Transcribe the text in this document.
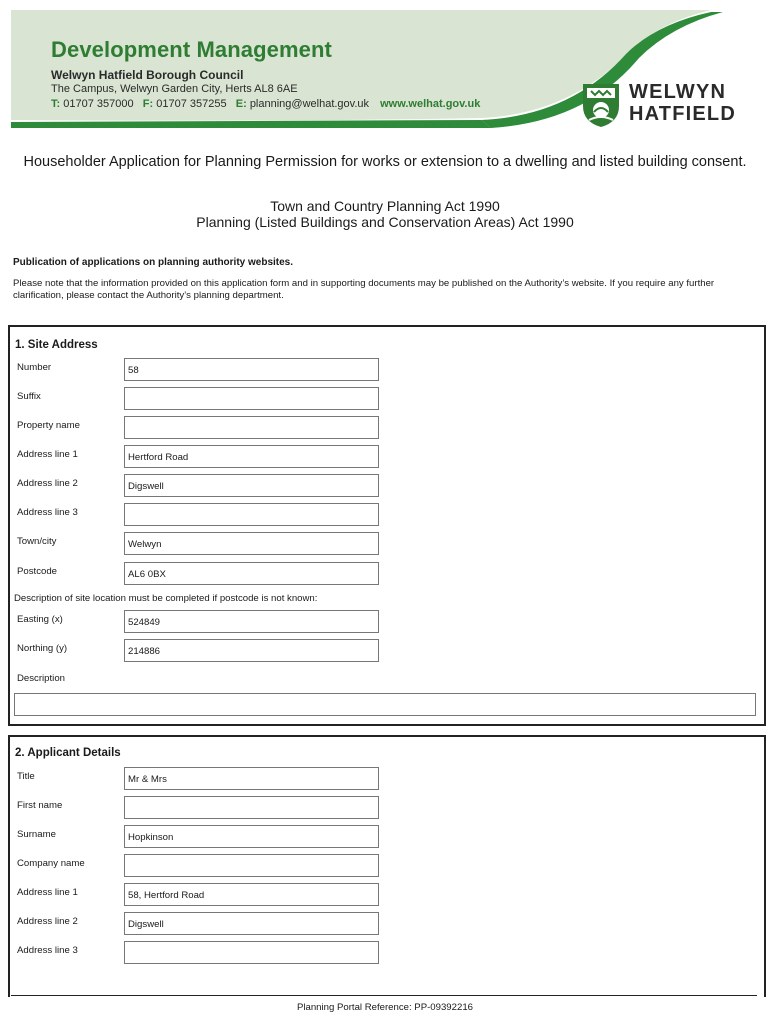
Development Management
Welwyn Hatfield Borough Council
The Campus, Welwyn Garden City, Herts AL8 6AE
T: 01707 357000 F: 01707 357255 E: planning@welhat.gov.uk www.welhat.gov.uk
WELWYN
HATFIELD
Householder Application for Planning Permission for works or extension to a dwelling and listed building consent.
Town and Country Planning Act 1990
Planning (Listed Buildings and Conservation Areas) Act 1990
Publication of applications on planning authority websites.
Please note that the information provided on this application form and in supporting documents may be published on the Authority’s website. If you require any further clarification, please contact the Authority’s planning department.
1. Site Address
Number	58
Suffix
Property name
Address line 1	Hertford Road
Address line 2	Digswell
Address line 3
Town/city	Welwyn
Postcode	AL6 0BX
Description of site location must be completed if postcode is not known:
Easting (x)	524849
Northing (y)	214886
Description
2. Applicant Details
Title	Mr & Mrs
First name
Surname	Hopkinson
Company name
Address line 1	58, Hertford Road
Address line 2	Digswell
Address line 3
Planning Portal Reference: PP-09392216
